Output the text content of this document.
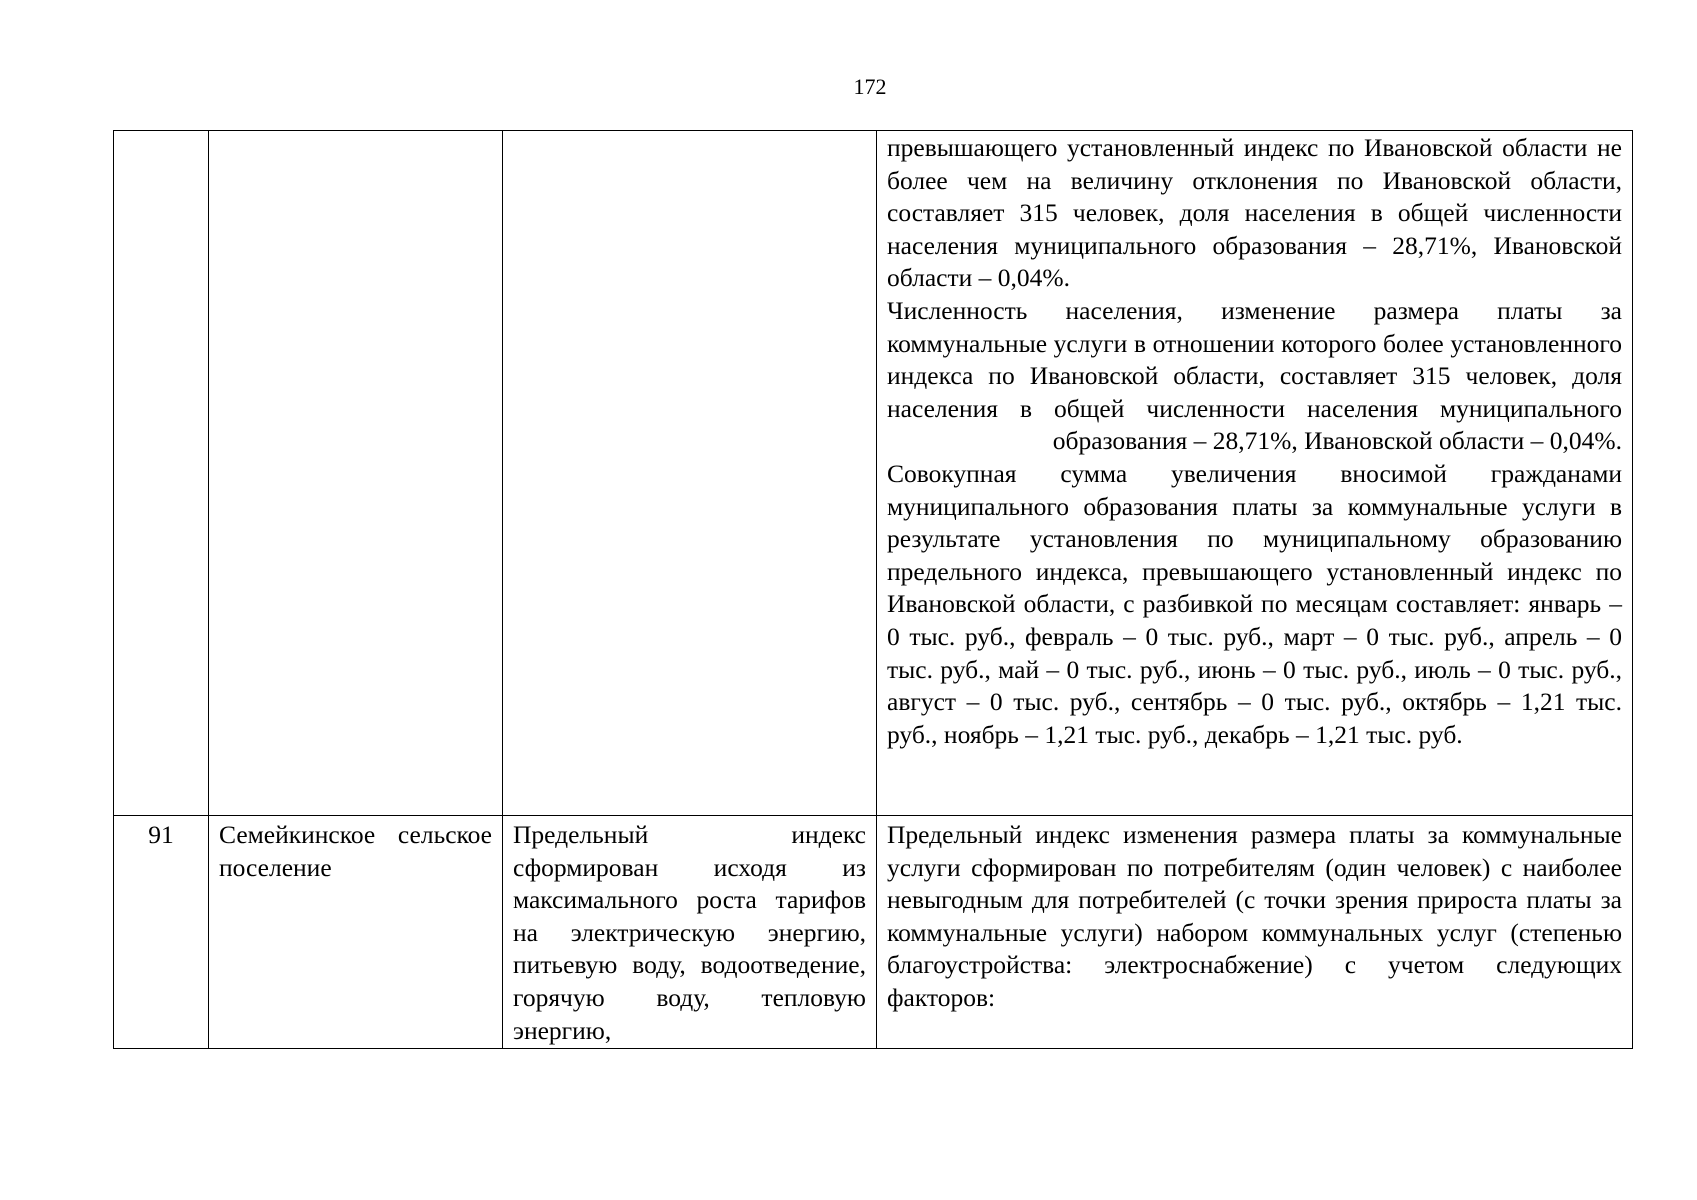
172

			превышающего установленный индекс по Ивановской области не более чем на величину отклонения по Ивановской области, составляет 315 человек, доля населения в общей численности населения муниципального образования – 28,71%, Ивановской области – 0,04%.
Численность населения, изменение размера платы за коммунальные услуги в отношении которого более установленного индекса по Ивановской области, составляет 315 человек, доля населения в общей численности населения муниципального образования – 28,71%, Ивановской области – 0,04%.
Совокупная сумма увеличения вносимой гражданами муниципального образования платы за коммунальные услуги в результате установления по муниципальному образованию предельного индекса, превышающего установленный индекс по Ивановской области, с разбивкой по месяцам составляет: январь – 0 тыс. руб., февраль – 0 тыс. руб., март – 0 тыс. руб., апрель – 0 тыс. руб., май – 0 тыс. руб., июнь – 0 тыс. руб., июль – 0 тыс. руб., август – 0 тыс. руб., сентябрь – 0 тыс. руб., октябрь – 1,21 тыс. руб., ноябрь – 1,21 тыс. руб., декабрь – 1,21 тыс. руб.

91	Семейкинское сельское поселение	Предельный индекс сформирован исходя из максимального роста тарифов на электрическую энергию, питьевую воду, водоотведение, горячую воду, тепловую энергию,	Предельный индекс изменения размера платы за коммунальные услуги сформирован по потребителям (один человек) с наиболее невыгодным для потребителей (с точки зрения прироста платы за коммунальные услуги) набором коммунальных услуг (степенью благоустройства: электроснабжение) с учетом следующих факторов:
